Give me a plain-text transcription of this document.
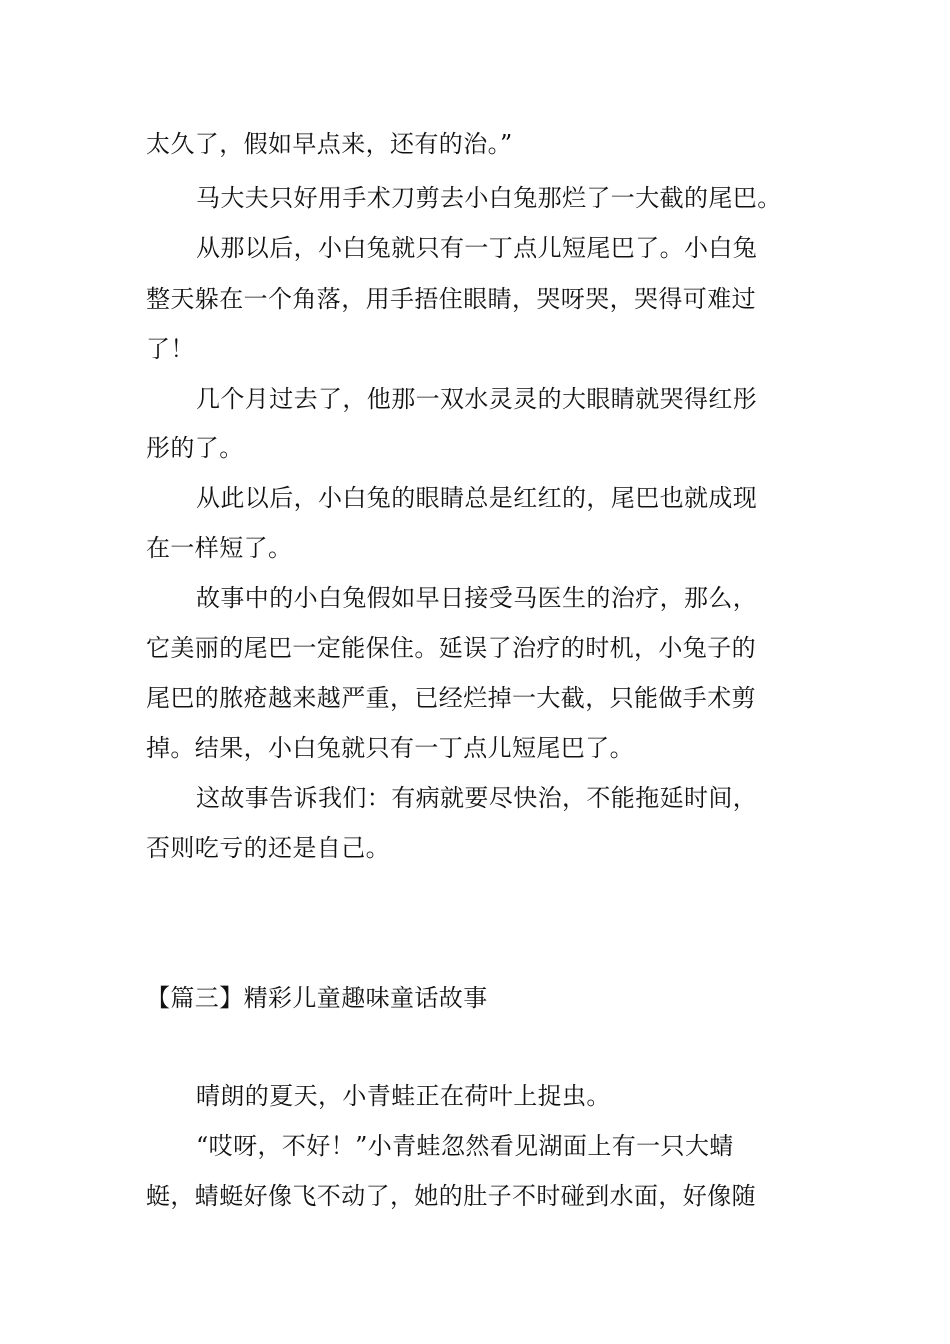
太久了，假如早点来，还有的治。”
马大夫只好用手术刀剪去小白兔那烂了一大截的尾巴。
从那以后，小白兔就只有一丁点儿短尾巴了。小白兔
整天躲在一个角落，用手捂住眼睛，哭呀哭，哭得可难过
了！
几个月过去了，他那一双水灵灵的大眼睛就哭得红彤
彤的了。
从此以后，小白兔的眼睛总是红红的，尾巴也就成现
在一样短了。
故事中的小白兔假如早日接受马医生的治疗，那么，
它美丽的尾巴一定能保住。延误了治疗的时机，小兔子的
尾巴的脓疮越来越严重，已经烂掉一大截，只能做手术剪
掉。结果，小白兔就只有一丁点儿短尾巴了。
这故事告诉我们：有病就要尽快治，不能拖延时间，
否则吃亏的还是自己。
【篇三】精彩儿童趣味童话故事
晴朗的夏天，小青蛙正在荷叶上捉虫。
“哎呀，不好！”小青蛙忽然看见湖面上有一只大蜻
蜓，蜻蜓好像飞不动了，她的肚子不时碰到水面，好像随
